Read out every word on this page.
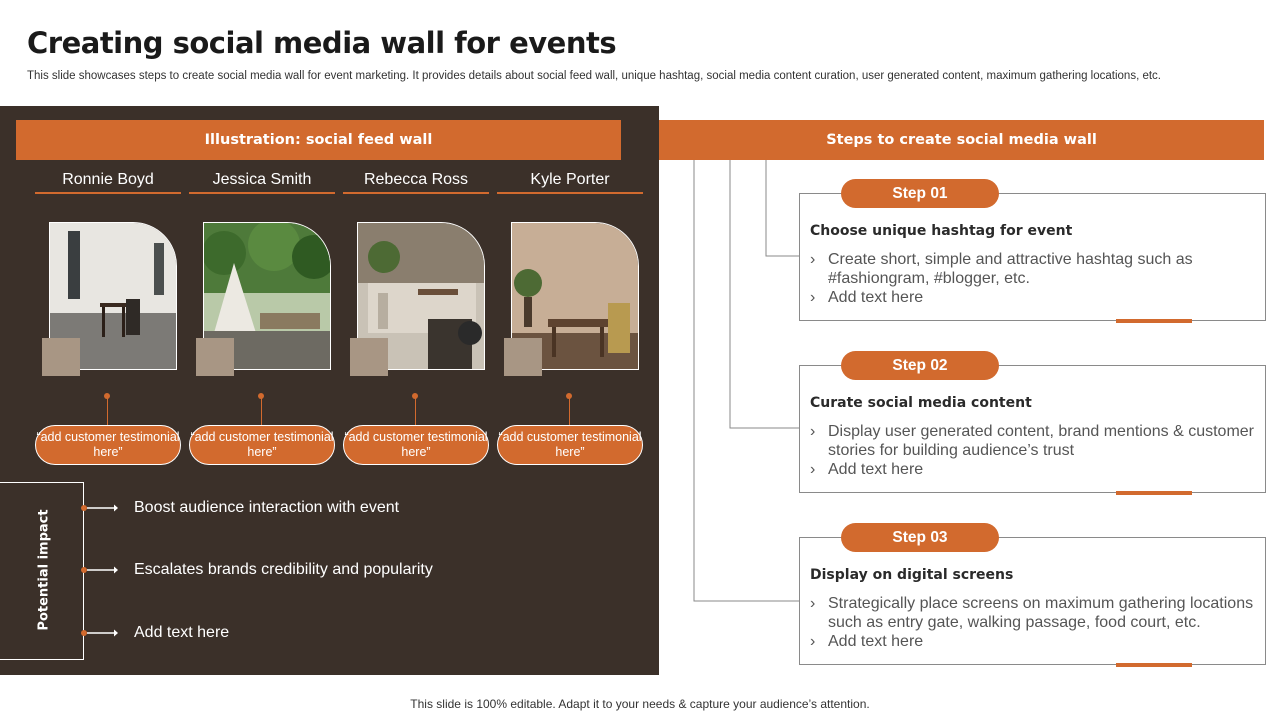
Creating social media wall for events
This slide showcases steps to create social media wall for event marketing. It provides details about social feed wall, unique hashtag, social media content curation, user generated content, maximum gathering locations, etc.
Illustration: social feed wall
Ronnie Boyd
“add customer testimonial here”
Jessica Smith
“add customer testimonial here”
Rebecca Ross
“add customer testimonial here”
Kyle Porter
“add customer testimonial here”
Potential impact
Boost audience interaction with event
Escalates brands credibility and popularity
Add text here
Steps to create social media wall
Choose unique hashtag for event
› Create short, simple and attractive hashtag such as #fashiongram, #blogger, etc.
› Add text here
Step 01
Curate social media content
› Display user generated content, brand mentions & customer stories for building audience’s trust
› Add text here
Step 02
Display on digital screens
› Strategically place screens on maximum gathering locations such as entry gate, walking passage, food court, etc.
› Add text here
Step 03
This slide is 100% editable. Adapt it to your needs & capture your audience’s attention.
